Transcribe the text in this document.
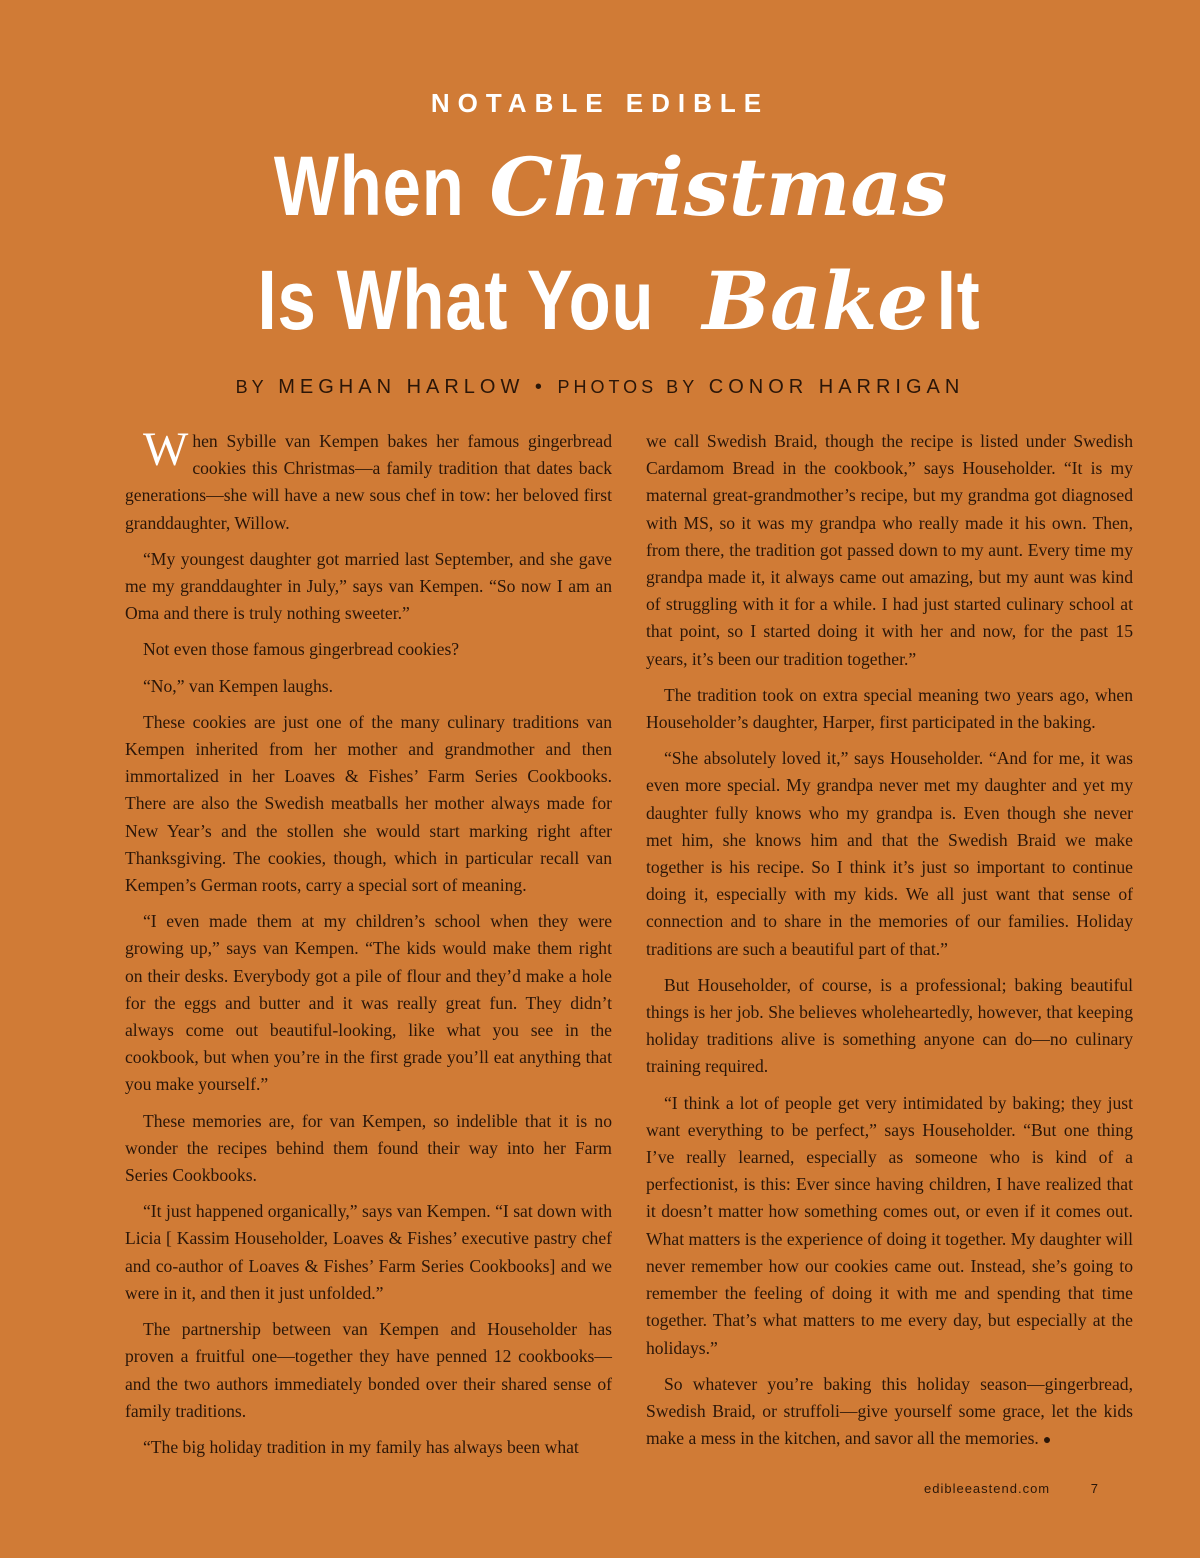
NOTABLE EDIBLE
When Christmas
Is What You Bake It
BY MEGHAN HARLOW • PHOTOS BY CONOR HARRIGAN

When Sybille van Kempen bakes her famous gingerbread cookies this Christmas—a family tradition that dates back generations—she will have a new sous chef in tow: her beloved first granddaughter, Willow.

“My youngest daughter got married last September, and she gave me my granddaughter in July,” says van Kempen. “So now I am an Oma and there is truly nothing sweeter.”

Not even those famous gingerbread cookies?

“No,” van Kempen laughs.

These cookies are just one of the many culinary traditions van Kempen inherited from her mother and grandmother and then immortalized in her Loaves & Fishes’ Farm Series Cookbooks. There are also the Swedish meatballs her mother always made for New Year’s and the stollen she would start marking right after Thanksgiving. The cookies, though, which in particular recall van Kempen’s German roots, carry a special sort of meaning.

“I even made them at my children’s school when they were growing up,” says van Kempen. “The kids would make them right on their desks. Everybody got a pile of flour and they’d make a hole for the eggs and butter and it was really great fun. They didn’t always come out beautiful-looking, like what you see in the cookbook, but when you’re in the first grade you’ll eat anything that you make yourself.”

These memories are, for van Kempen, so indelible that it is no wonder the recipes behind them found their way into her Farm Series Cookbooks.

“It just happened organically,” says van Kempen. “I sat down with Licia [ Kassim Householder, Loaves & Fishes’ executive pastry chef and co-author of Loaves & Fishes’ Farm Series Cookbooks] and we were in it, and then it just unfolded.”

The partnership between van Kempen and Householder has proven a fruitful one—together they have penned 12 cookbooks—and the two authors immediately bonded over their shared sense of family traditions.

“The big holiday tradition in my family has always been what

we call Swedish Braid, though the recipe is listed under Swedish Cardamom Bread in the cookbook,” says Householder. “It is my maternal great-grandmother’s recipe, but my grandma got diagnosed with MS, so it was my grandpa who really made it his own. Then, from there, the tradition got passed down to my aunt. Every time my grandpa made it, it always came out amazing, but my aunt was kind of struggling with it for a while. I had just started culinary school at that point, so I started doing it with her and now, for the past 15 years, it’s been our tradition together.”

The tradition took on extra special meaning two years ago, when Householder’s daughter, Harper, first participated in the baking.

“She absolutely loved it,” says Householder. “And for me, it was even more special. My grandpa never met my daughter and yet my daughter fully knows who my grandpa is. Even though she never met him, she knows him and that the Swedish Braid we make together is his recipe. So I think it’s just so important to continue doing it, especially with my kids. We all just want that sense of connection and to share in the memories of our families. Holiday traditions are such a beautiful part of that.”

But Householder, of course, is a professional; baking beautiful things is her job. She believes wholeheartedly, however, that keeping holiday traditions alive is something anyone can do—no culinary training required.

“I think a lot of people get very intimidated by baking; they just want everything to be perfect,” says Householder. “But one thing I’ve really learned, especially as someone who is kind of a perfectionist, is this: Ever since having children, I have realized that it doesn’t matter how something comes out, or even if it comes out. What matters is the experience of doing it together. My daughter will never remember how our cookies came out. Instead, she’s going to remember the feeling of doing it with me and spending that time together. That’s what matters to me every day, but especially at the holidays.”

So whatever you’re baking this holiday season—gingerbread, Swedish Braid, or struffoli—give yourself some grace, let the kids make a mess in the kitchen, and savor all the memories. ●

edibleeastend.com	7
